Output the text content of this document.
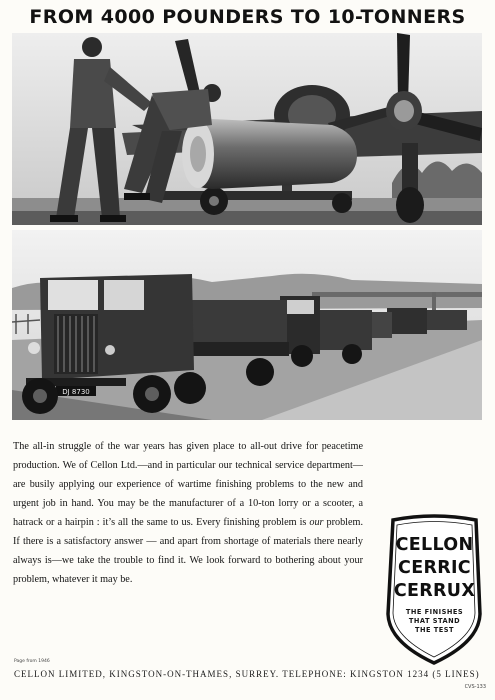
FROM 4000 POUNDERS TO 10-TONNERS
DJ 8730
The all-in struggle of the war years has given place to all-out drive for peacetime production. We of Cellon Ltd.—and in particular our technical service department—are busily applying our experience of wartime finishing problems to the new and urgent job in hand. You may be the manufacturer of a 10-ton lorry or a scooter, a hatrack or a hairpin : it’s all the same to us. Every finishing problem is our problem. If there is a satisfactory answer — and apart from shortage of materials there nearly always is—we take the trouble to find it. We look forward to bothering about your problem, whatever it may be.
CELLON
CERRIC
CERRUX
THE FINISHES THAT STAND THE TEST
Page from 1946
CELLON LIMITED, KINGSTON-ON-THAMES, SURREY. TELEPHONE: KINGSTON 1234 (5 LINES)
CVS-133
